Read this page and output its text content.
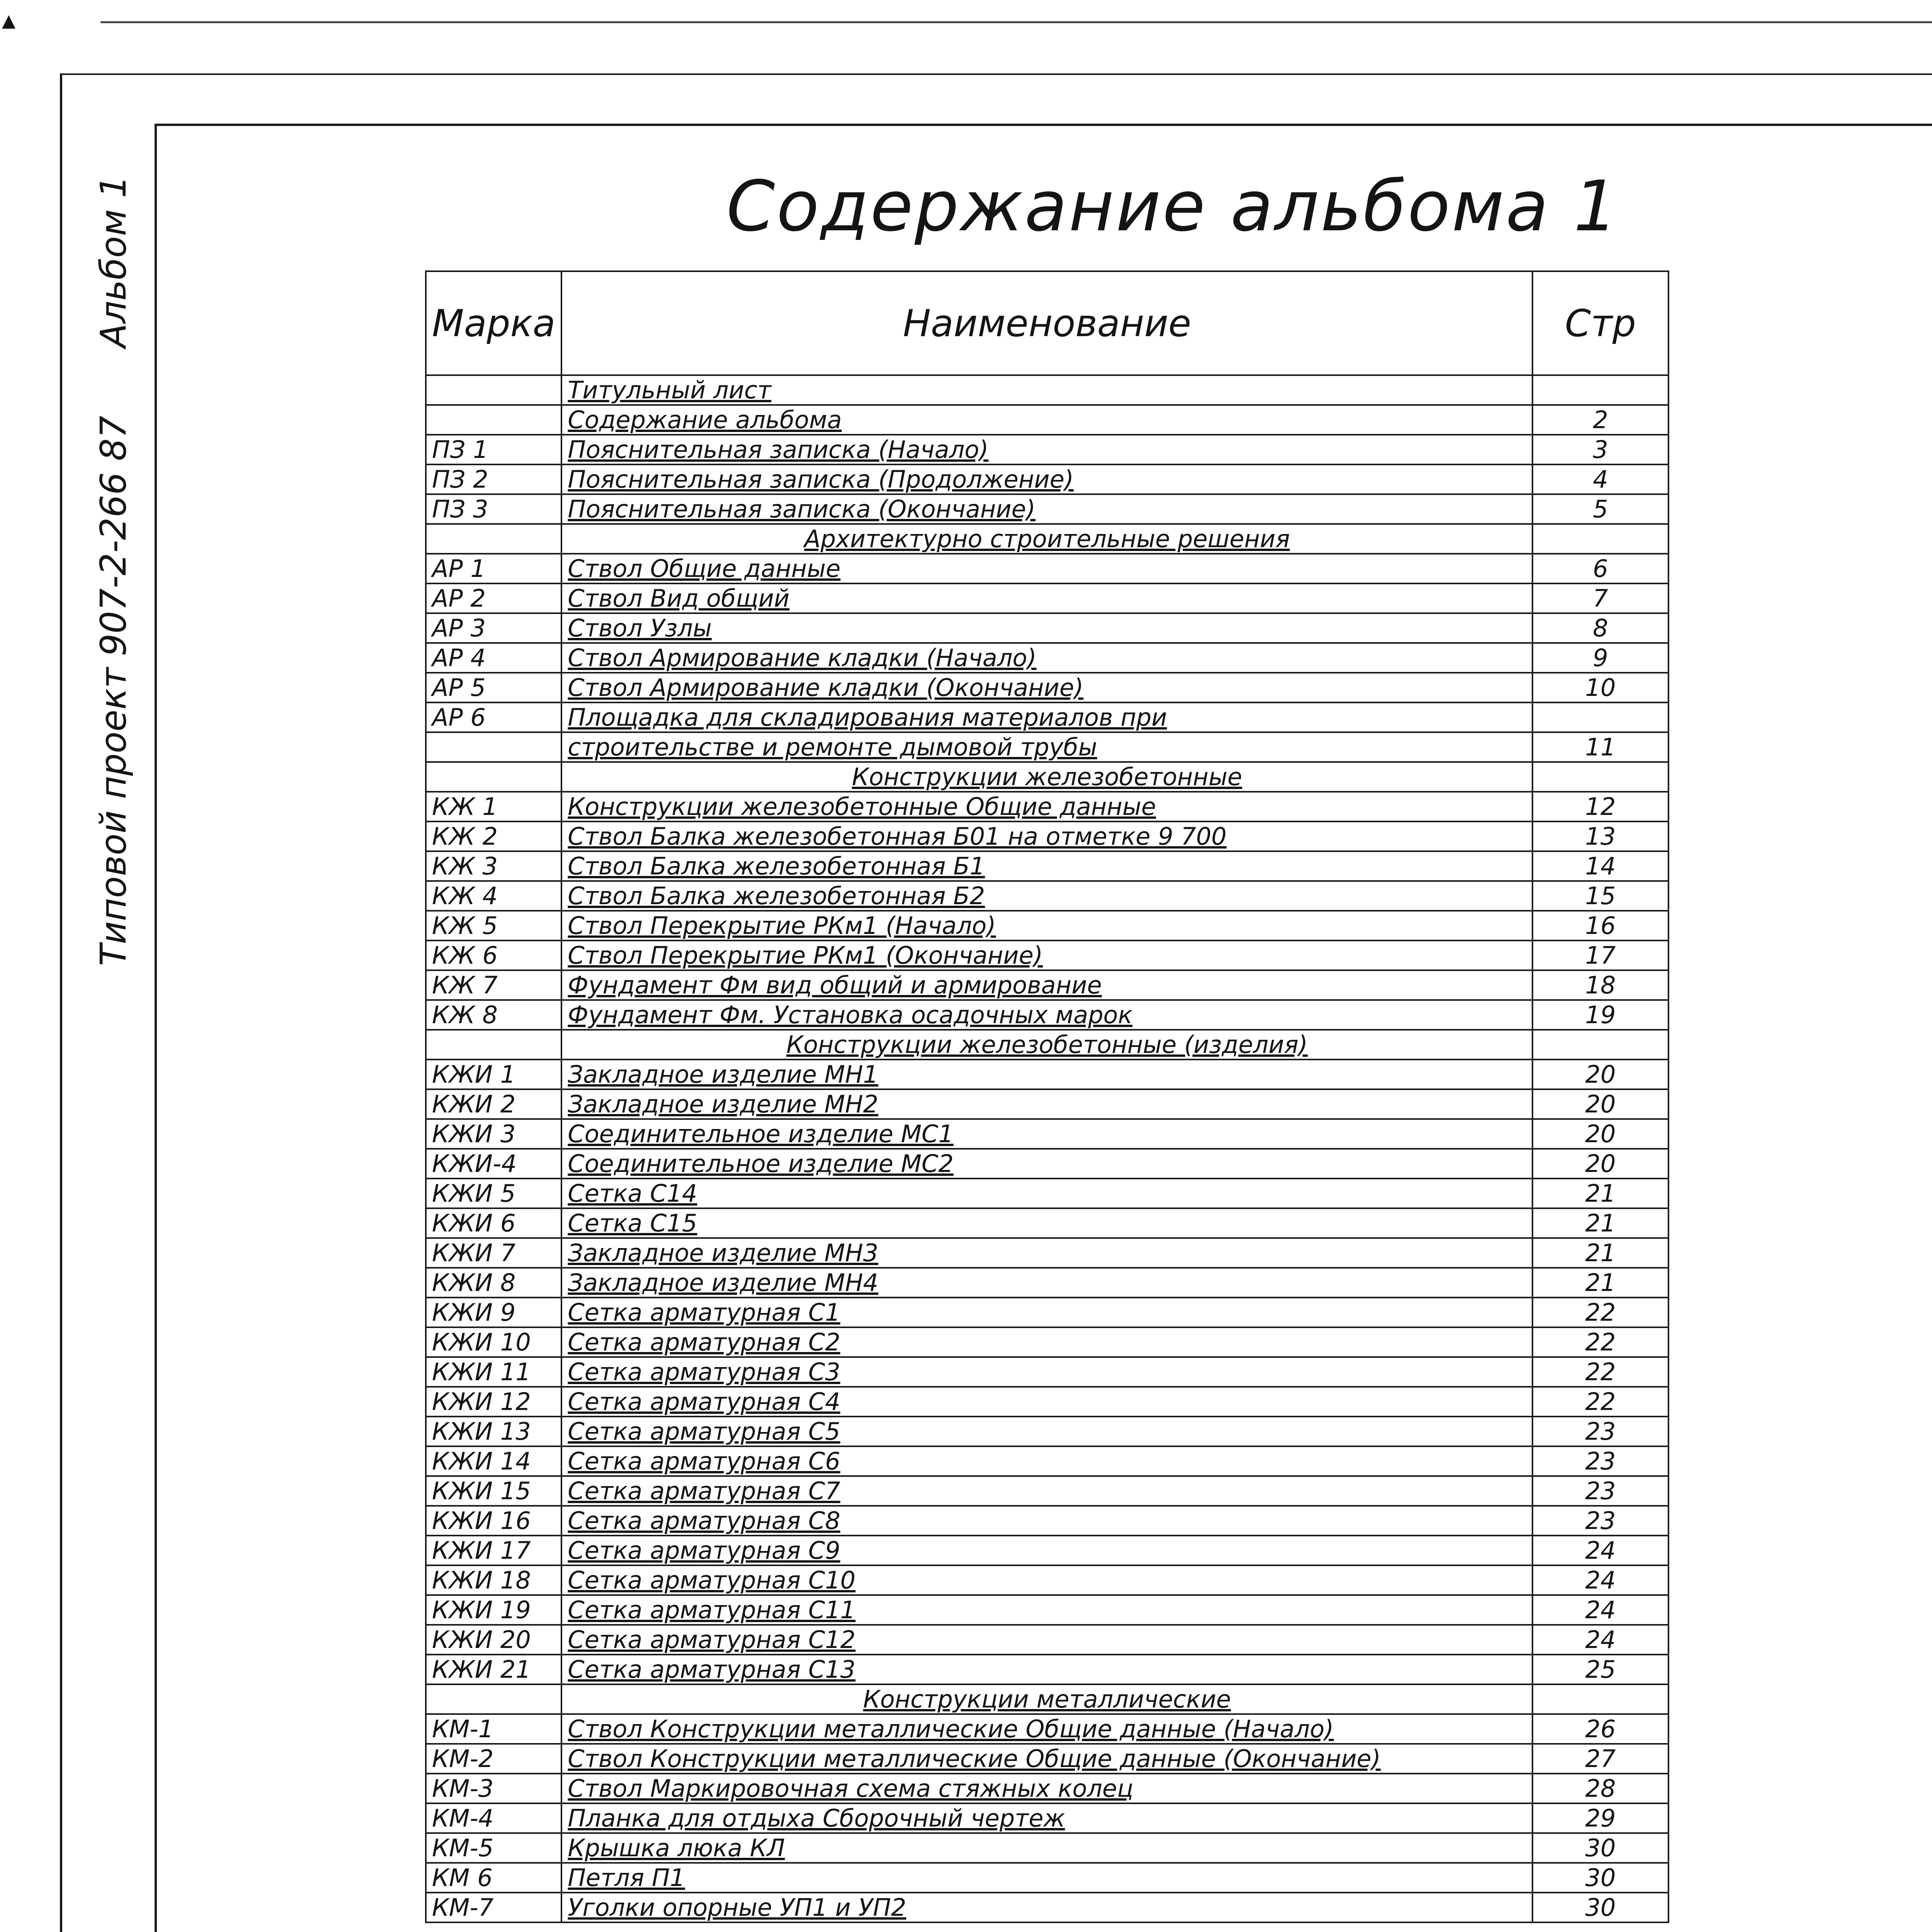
▴
Альбом 1
Типовой проект 907-2-266 87
Содержание альбома 1
Марка	Наименование	Стр
	Титульный лист	
	Содержание альбома	2
ПЗ 1	Пояснительная записка (Начало)	3
ПЗ 2	Пояснительная записка (Продолжение)	4
ПЗ 3	Пояснительная записка (Окончание)	5
	Архитектурно строительные решения	
АР 1	Ствол Общие данные	6
АР 2	Ствол Вид общий	7
АР 3	Ствол Узлы	8
АР 4	Ствол Армирование кладки (Начало)	9
АР 5	Ствол Армирование кладки (Окончание)	10
АР 6	Площадка для складирования материалов при	
	строительстве и ремонте дымовой трубы	11
	Конструкции железобетонные	
КЖ 1	Конструкции железобетонные Общие данные	12
КЖ 2	Ствол Балка железобетонная Б01 на отметке 9 700	13
КЖ 3	Ствол Балка железобетонная Б1	14
КЖ 4	Ствол Балка железобетонная Б2	15
КЖ 5	Ствол Перекрытие РКм1 (Начало)	16
КЖ 6	Ствол Перекрытие РКм1 (Окончание)	17
КЖ 7	Фундамент Фм вид общий и армирование	18
КЖ 8	Фундамент Фм. Установка осадочных марок	19
	Конструкции железобетонные (изделия)	
КЖИ 1	Закладное изделие МН1	20
КЖИ 2	Закладное изделие МН2	20
КЖИ 3	Соединительное изделие МС1	20
КЖИ-4	Соединительное изделие МС2	20
КЖИ 5	Сетка С14	21
КЖИ 6	Сетка С15	21
КЖИ 7	Закладное изделие МН3	21
КЖИ 8	Закладное изделие МН4	21
КЖИ 9	Сетка арматурная С1	22
КЖИ 10	Сетка арматурная С2	22
КЖИ 11	Сетка арматурная С3	22
КЖИ 12	Сетка арматурная С4	22
КЖИ 13	Сетка арматурная С5	23
КЖИ 14	Сетка арматурная С6	23
КЖИ 15	Сетка арматурная С7	23
КЖИ 16	Сетка арматурная С8	23
КЖИ 17	Сетка арматурная С9	24
КЖИ 18	Сетка арматурная С10	24
КЖИ 19	Сетка арматурная С11	24
КЖИ 20	Сетка арматурная С12	24
КЖИ 21	Сетка арматурная С13	25
	Конструкции металлические	
КМ-1	Ствол Конструкции металлические Общие данные (Начало)	26
КМ-2	Ствол Конструкции металлические Общие данные (Окончание)	27
КМ-3	Ствол Маркировочная схема стяжных колец	28
КМ-4	Планка для отдыха Сборочный чертеж	29
КМ-5	Крышка люка КЛ	30
КМ 6	Петля П1	30
КМ-7	Уголки опорные УП1 и УП2	30
